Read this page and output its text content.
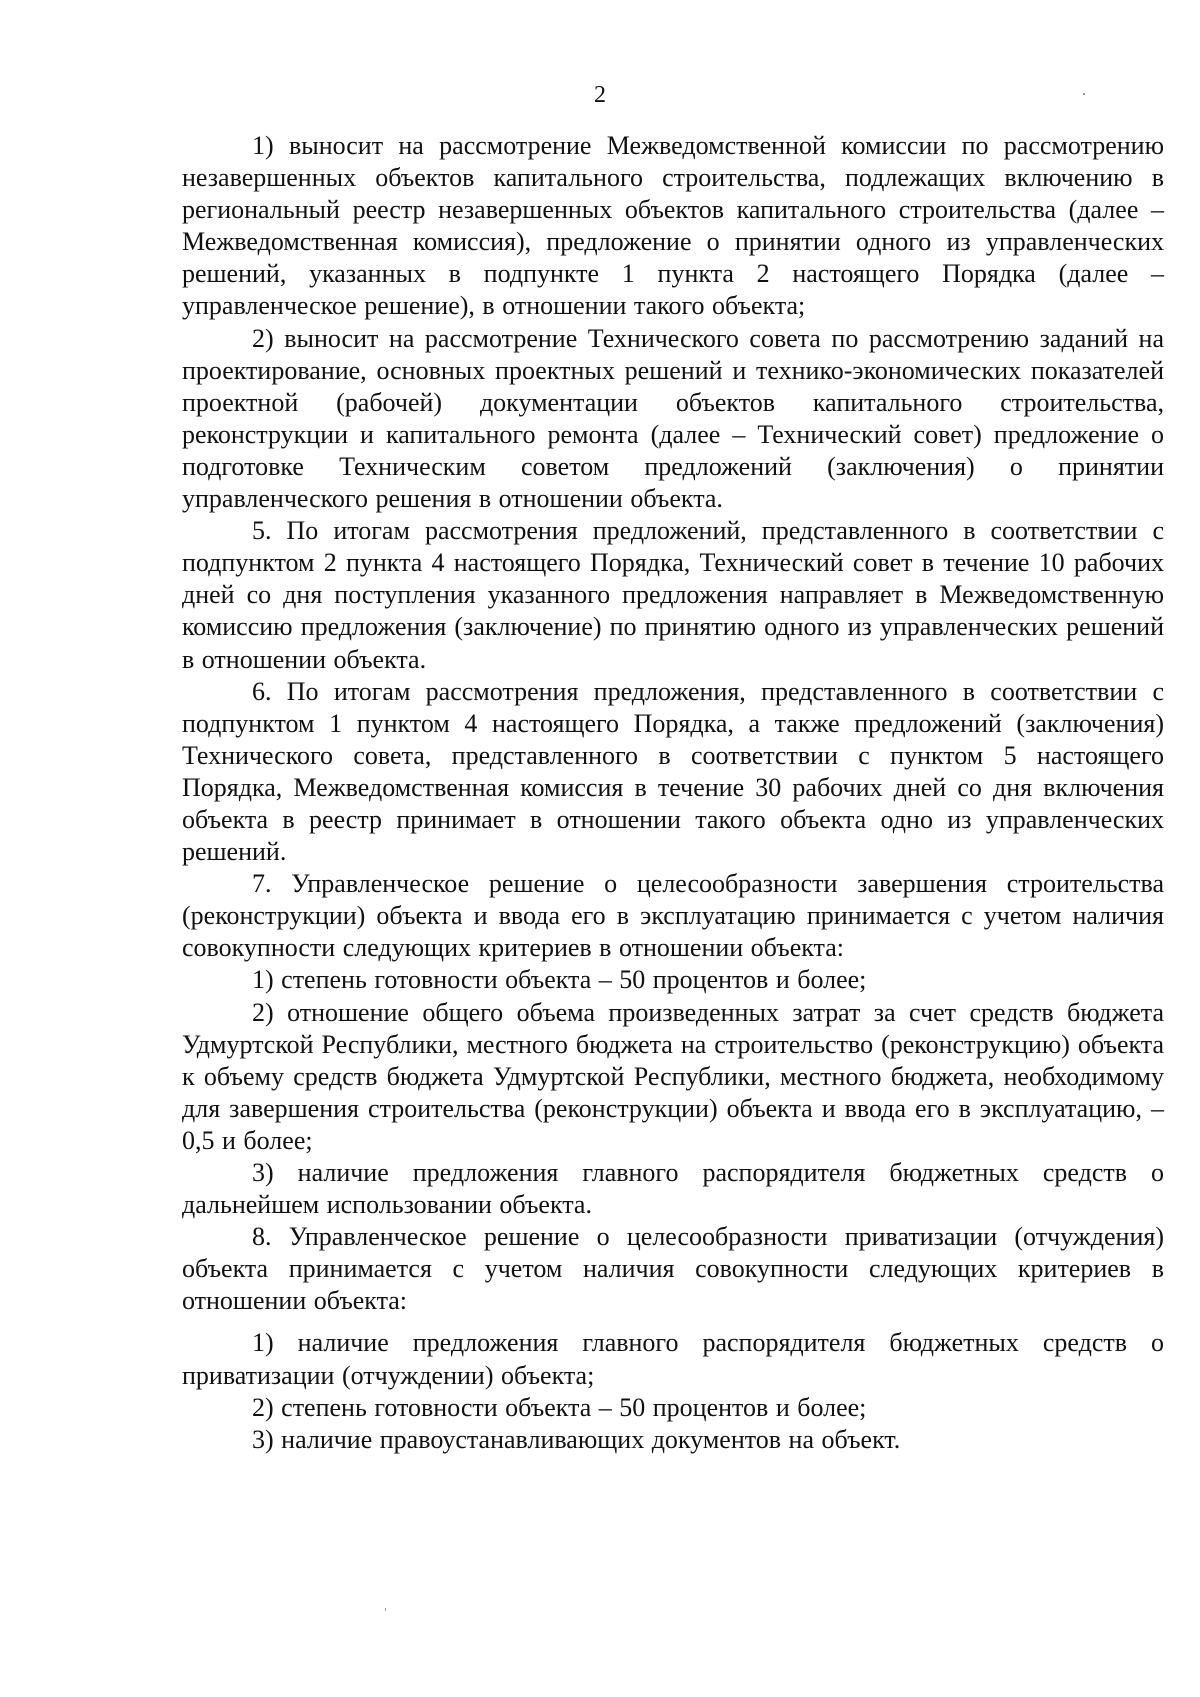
2

1) выносит на рассмотрение Межведомственной комиссии по рассмотрению незавершенных объектов капитального строительства, подлежащих включению в региональный реестр незавершенных объектов капитального строительства (далее – Межведомственная комиссия), предложение о принятии одного из управленческих решений, указанных в подпункте 1 пункта 2 настоящего Порядка (далее – управленческое решение), в отношении такого объекта;

2) выносит на рассмотрение Технического совета по рассмотрению заданий на проектирование, основных проектных решений и технико-экономических показателей проектной (рабочей) документации объектов капитального строительства, реконструкции и капитального ремонта (далее – Технический совет) предложение о подготовке Техническим советом предложений (заключения) о принятии управленческого решения в отношении объекта.

5. По итогам рассмотрения предложений, представленного в соответствии с подпунктом 2 пункта 4 настоящего Порядка, Технический совет в течение 10 рабочих дней со дня поступления указанного предложения направляет в Межведомственную комиссию предложения (заключение) по принятию одного из управленческих решений в отношении объекта.

6. По итогам рассмотрения предложения, представленного в соответствии с подпунктом 1 пунктом 4 настоящего Порядка, а также предложений (заключения) Технического совета, представленного в соответствии с пунктом 5 настоящего Порядка, Межведомственная комиссия в течение 30 рабочих дней со дня включения объекта в реестр принимает в отношении такого объекта одно из управленческих решений.

7. Управленческое решение о целесообразности завершения строительства (реконструкции) объекта и ввода его в эксплуатацию принимается с учетом наличия совокупности следующих критериев в отношении объекта:

1) степень готовности объекта – 50 процентов и более;

2) отношение общего объема произведенных затрат за счет средств бюджета Удмуртской Республики, местного бюджета на строительство (реконструкцию) объекта к объему средств бюджета Удмуртской Республики, местного бюджета, необходимому для завершения строительства (реконструкции) объекта и ввода его в эксплуатацию, – 0,5 и более;

3) наличие предложения главного распорядителя бюджетных средств о дальнейшем использовании объекта.

8. Управленческое решение о целесообразности приватизации (отчуждения) объекта принимается с учетом наличия совокупности следующих критериев в отношении объекта:

1) наличие предложения главного распорядителя бюджетных средств о приватизации (отчуждении) объекта;

2) степень готовности объекта – 50 процентов и более;

3) наличие правоустанавливающих документов на объект.
